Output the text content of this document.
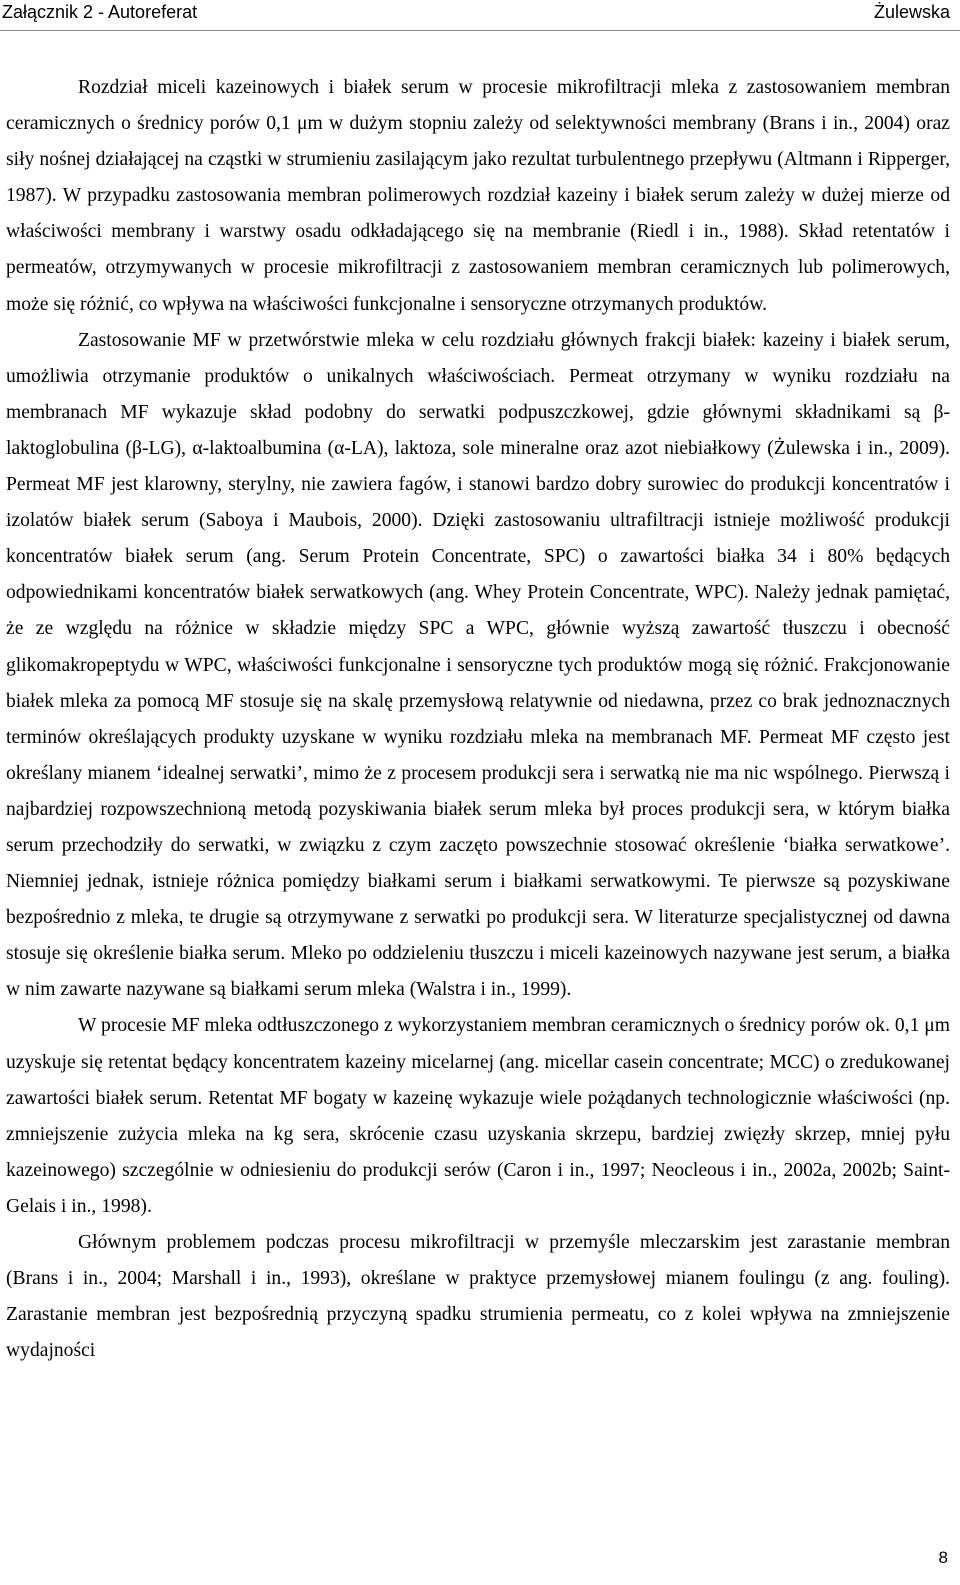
Załącznik 2 - Autoreferat	Żulewska

Rozdział miceli kazeinowych i białek serum w procesie mikrofiltracji mleka z zastosowaniem membran ceramicznych o średnicy porów 0,1 μm w dużym stopniu zależy od selektywności membrany (Brans i in., 2004) oraz siły nośnej działającej na cząstki w strumieniu zasilającym jako rezultat turbulentnego przepływu (Altmann i Ripperger, 1987). W przypadku zastosowania membran polimerowych rozdział kazeiny i białek serum zależy w dużej mierze od właściwości membrany i warstwy osadu odkładającego się na membranie (Riedl i in., 1988). Skład retentatów i permeatów, otrzymywanych w procesie mikrofiltracji z zastosowaniem membran ceramicznych lub polimerowych, może się różnić, co wpływa na właściwości funkcjonalne i sensoryczne otrzymanych produktów.

Zastosowanie MF w przetwórstwie mleka w celu rozdziału głównych frakcji białek: kazeiny i białek serum, umożliwia otrzymanie produktów o unikalnych właściwościach. Permeat otrzymany w wyniku rozdziału na membranach MF wykazuje skład podobny do serwatki podpuszczkowej, gdzie głównymi składnikami są β-laktoglobulina (β-LG), α-laktoalbumina (α-LA), laktoza, sole mineralne oraz azot niebiałkowy (Żulewska i in., 2009). Permeat MF jest klarowny, sterylny, nie zawiera fagów, i stanowi bardzo dobry surowiec do produkcji koncentratów i izolatów białek serum (Saboya i Maubois, 2000). Dzięki zastosowaniu ultrafiltracji istnieje możliwość produkcji koncentratów białek serum (ang. Serum Protein Concentrate, SPC) o zawartości białka 34 i 80% będących odpowiednikami koncentratów białek serwatkowych (ang. Whey Protein Concentrate, WPC). Należy jednak pamiętać, że ze względu na różnice w składzie między SPC a WPC, głównie wyższą zawartość tłuszczu i obecność glikomakropeptydu w WPC, właściwości funkcjonalne i sensoryczne tych produktów mogą się różnić. Frakcjonowanie białek mleka za pomocą MF stosuje się na skalę przemysłową relatywnie od niedawna, przez co brak jednoznacznych terminów określających produkty uzyskane w wyniku rozdziału mleka na membranach MF. Permeat MF często jest określany mianem ‘idealnej serwatki’, mimo że z procesem produkcji sera i serwatką nie ma nic wspólnego. Pierwszą i najbardziej rozpowszechnioną metodą pozyskiwania białek serum mleka był proces produkcji sera, w którym białka serum przechodziły do serwatki, w związku z czym zaczęto powszechnie stosować określenie ‘białka serwatkowe’. Niemniej jednak, istnieje różnica pomiędzy białkami serum i białkami serwatkowymi. Te pierwsze są pozyskiwane bezpośrednio z mleka, te drugie są otrzymywane z serwatki po produkcji sera. W literaturze specjalistycznej od dawna stosuje się określenie białka serum. Mleko po oddzieleniu tłuszczu i miceli kazeinowych nazywane jest serum, a białka w nim zawarte nazywane są białkami serum mleka (Walstra i in., 1999).

W procesie MF mleka odtłuszczonego z wykorzystaniem membran ceramicznych o średnicy porów ok. 0,1 μm uzyskuje się retentat będący koncentratem kazeiny micelarnej (ang. micellar casein concentrate; MCC) o zredukowanej zawartości białek serum. Retentat MF bogaty w kazeinę wykazuje wiele pożądanych technologicznie właściwości (np. zmniejszenie zużycia mleka na kg sera, skrócenie czasu uzyskania skrzepu, bardziej zwięzły skrzep, mniej pyłu kazeinowego) szczególnie w odniesieniu do produkcji serów (Caron i in., 1997; Neocleous i in., 2002a, 2002b; Saint-Gelais i in., 1998).

Głównym problemem podczas procesu mikrofiltracji w przemyśle mleczarskim jest zarastanie membran (Brans i in., 2004; Marshall i in., 1993), określane w praktyce przemysłowej mianem foulingu (z ang. fouling). Zarastanie membran jest bezpośrednią przyczyną spadku strumienia permeatu, co z kolei wpływa na zmniejszenie wydajności

8
